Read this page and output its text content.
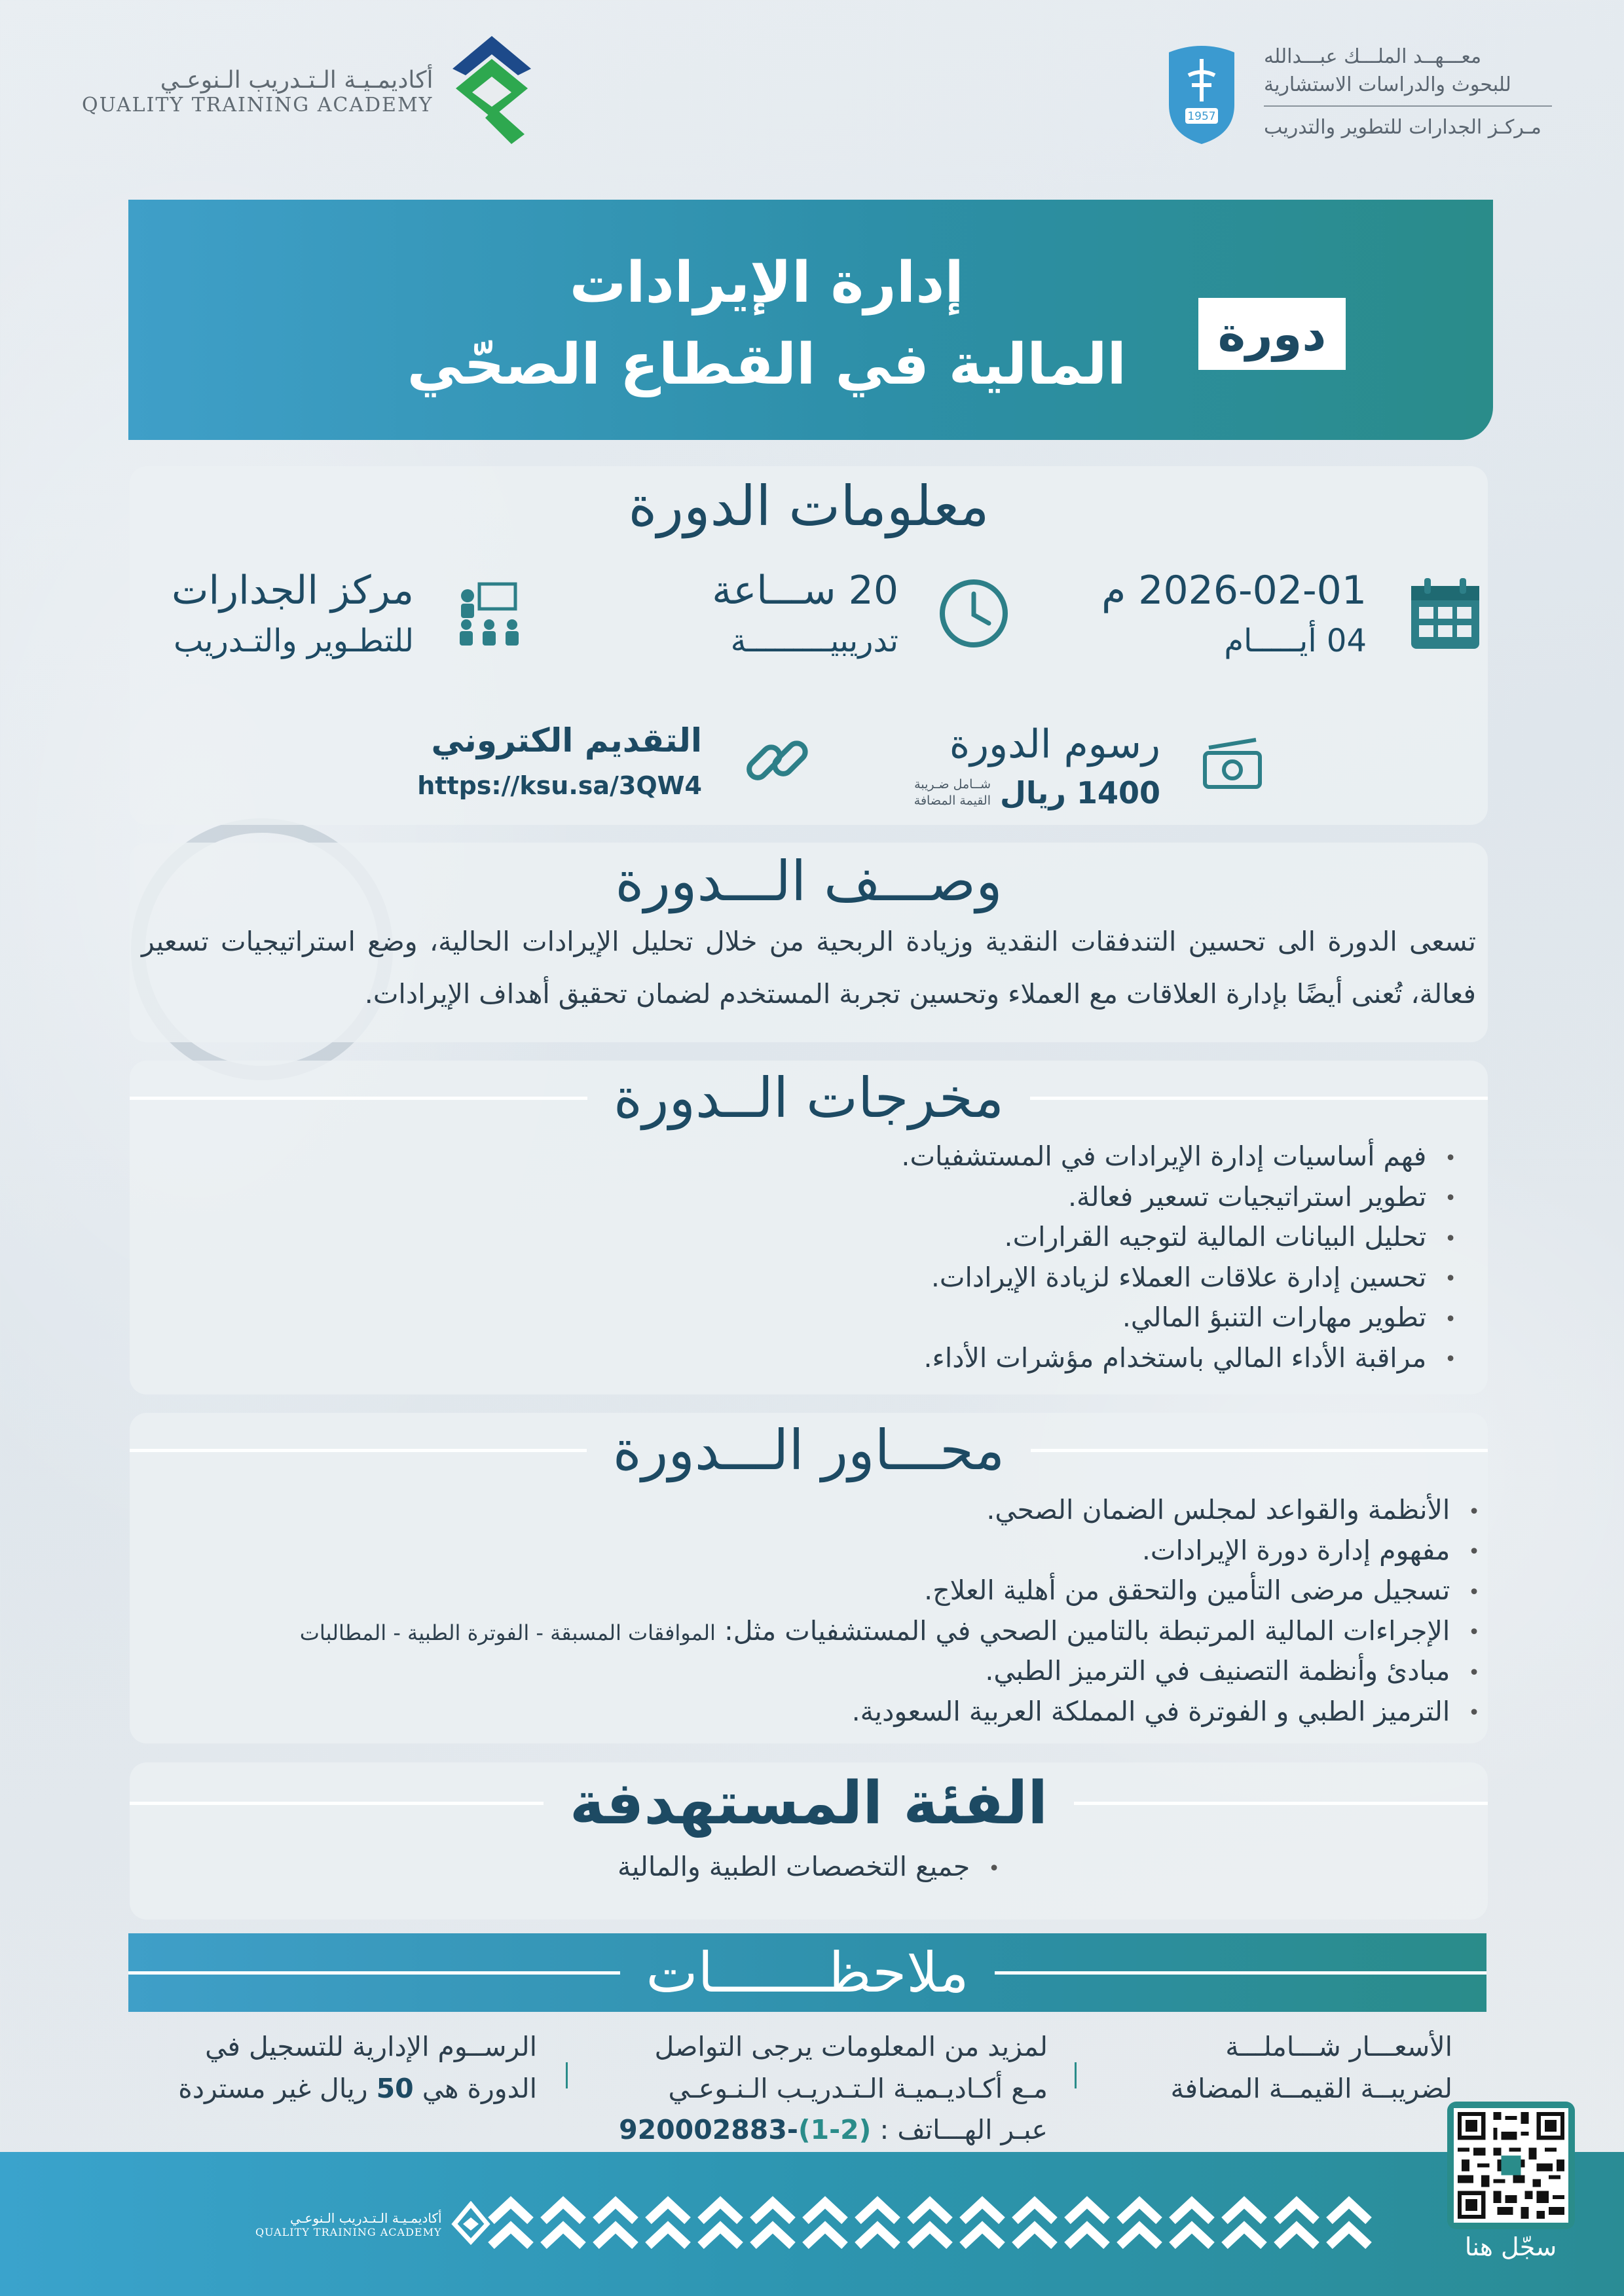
معـــهــد الملـــك عبـــدالله
للبحوث والدراسات الاستشارية
مـركـز الجدارات للتطوير والتدريب
1957
أكاديمـيـة الـتـدريب الـنوعـي
QUALITY TRAINING ACADEMY
إدارة الإيرادات
المالية في القطاع الصحّي	دورة
معلومات الدورة
2026-02-01 م
04 أيـــــام
20 ســـاعة
تدريبيـــــــــة
مركز الجدارات
للتطـوير والتـدريب
رسوم الدورة
1400 ريال
شــامل ضـريبة
القيمة المضافة
التقديم الكتروني
https://ksu.sa/3QW4
وصـــف الـــدورة

تسعى الدورة الى تحسين التندفقات النقدية وزيادة الربحية من خلال تحليل الإيرادات الحالية، وضع استراتيجيات تسعير فعالة، تُعنى أيضًا بإدارة العلاقات مع العملاء وتحسين تجربة المستخدم لضمان تحقيق أهداف الإيرادات.

مخرجات الــدورة
• فهم أساسيات إدارة الإيرادات في المستشفيات.
• تطوير استراتيجيات تسعير فعالة.
• تحليل البيانات المالية لتوجيه القرارات.
• تحسين إدارة علاقات العملاء لزيادة الإيرادات.
• تطوير مهارات التنبؤ المالي.
• مراقبة الأداء المالي باستخدام مؤشرات الأداء.
محـــاور الـــدورة
• الأنظمة والقواعد لمجلس الضمان الصحي.
• مفهوم إدارة دورة الإيرادات.
• تسجيل مرضى التأمين والتحقق من أهلية العلاج.
• الإجراءات المالية المرتبطة بالتامين الصحي في المستشفيات مثل: الموافقات المسبقة - الفوترة الطبية - المطالبات
• مبادئ وأنظمة التصنيف في الترميز الطبي.
• الترميز الطبي و الفوترة في المملكة العربية السعودية.
الفئة المستهدفة
• جميع التخصصات الطبية والمالية
ملاحظـــــــات
الأسعـــار شـــاملـــة
لضريبــة القيمــة المضافة
لمزيد من المعلومات يرجى التواصل
مـع أكـاديـميـة الـتـدريـب الـنـوعـي
عبـر الهـــاتف : 920002883-(1-2)
الرســوم الإدارية للتسجيل في
الدورة هي 50 ريال غير مستردة
أكاديمـيـة الـتـدريب الـنوعـي
QUALITY TRAINING ACADEMY
سجّل هنا
